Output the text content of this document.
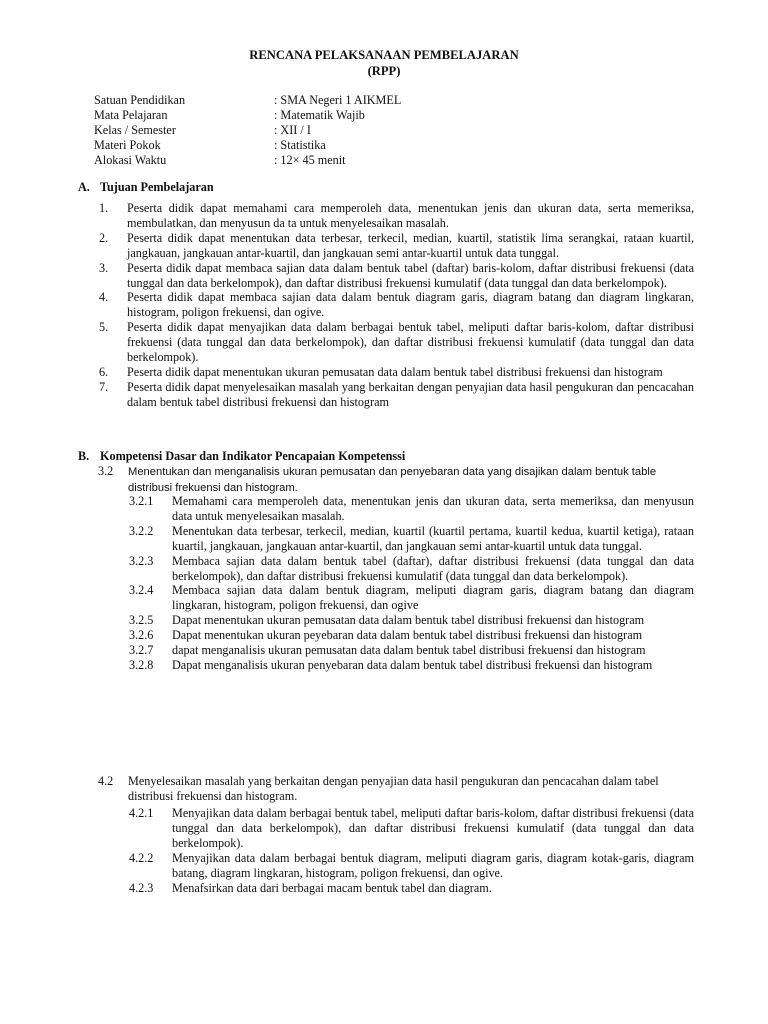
RENCANA PELAKSANAAN PEMBELAJARAN
(RPP)
Satuan Pendidikan	: SMA Negeri 1 AIKMEL
Mata Pelajaran	: Matematik Wajib
Kelas / Semester	: XII / I
Materi Pokok	: Statistika
Alokasi Waktu	: 12× 45 menit
A. Tujuan Pembelajaran
1. Peserta didik dapat memahami cara memperoleh data, menentukan jenis dan ukuran data, serta memeriksa, membulatkan, dan menyusun da ta untuk menyelesaikan masalah.
2. Peserta didik dapat menentukan data terbesar, terkecil, median, kuartil, statistik lima serangkai, rataan kuartil, jangkauan, jangkauan antar-kuartil, dan jangkauan semi antar-kuartil untuk data tunggal.
3. Peserta didik dapat membaca sajian data dalam bentuk tabel (daftar) baris-kolom, daftar distribusi frekuensi (data tunggal dan data berkelompok), dan daftar distribusi frekuensi kumulatif (data tunggal dan data berkelompok).
4. Peserta didik dapat membaca sajian data dalam bentuk diagram garis, diagram batang dan diagram lingkaran, histogram, poligon frekuensi, dan ogive.
5. Peserta didik dapat menyajikan data dalam berbagai bentuk tabel, meliputi daftar baris-kolom, daftar distribusi frekuensi (data tunggal dan data berkelompok), dan daftar distribusi frekuensi kumulatif (data tunggal dan data berkelompok).
6. Peserta didik dapat menentukan ukuran pemusatan data dalam bentuk tabel distribusi frekuensi dan histogram
7. Peserta didik dapat menyelesaikan masalah yang berkaitan dengan penyajian data hasil pengukuran dan pencacahan dalam bentuk tabel distribusi frekuensi dan histogram
B. Kompetensi Dasar dan Indikator Pencapaian Kompetenssi
3.2 Menentukan dan menganalisis ukuran pemusatan dan penyebaran data yang disajikan dalam bentuk table distribusi frekuensi dan histogram.
3.2.1 Memahami cara memperoleh data, menentukan jenis dan ukuran data, serta memeriksa, dan menyusun data untuk menyelesaikan masalah.
3.2.2 Menentukan data terbesar, terkecil, median, kuartil (kuartil pertama, kuartil kedua, kuartil ketiga), rataan kuartil, jangkauan, jangkauan antar-kuartil, dan jangkauan semi antar-kuartil untuk data tunggal.
3.2.3 Membaca sajian data dalam bentuk tabel (daftar), daftar distribusi frekuensi (data tunggal dan data berkelompok), dan daftar distribusi frekuensi kumulatif (data tunggal dan data berkelompok).
3.2.4 Membaca sajian data dalam bentuk diagram, meliputi diagram garis, diagram batang dan diagram lingkaran, histogram, poligon frekuensi, dan ogive
3.2.5 Dapat menentukan ukuran pemusatan data dalam bentuk tabel distribusi frekuensi dan histogram
3.2.6 Dapat menentukan ukuran peyebaran data dalam bentuk tabel distribusi frekuensi dan histogram
3.2.7 dapat menganalisis ukuran pemusatan data dalam bentuk tabel distribusi frekuensi dan histogram
3.2.8 Dapat menganalisis ukuran penyebaran data dalam bentuk tabel distribusi frekuensi dan histogram
4.2 Menyelesaikan masalah yang berkaitan dengan penyajian data hasil pengukuran dan pencacahan dalam tabel distribusi frekuensi dan histogram.
4.2.1 Menyajikan data dalam berbagai bentuk tabel, meliputi daftar baris-kolom, daftar distribusi frekuensi (data tunggal dan data berkelompok), dan daftar distribusi frekuensi kumulatif (data tunggal dan data berkelompok).
4.2.2 Menyajikan data dalam berbagai bentuk diagram, meliputi diagram garis, diagram kotak-garis, diagram batang, diagram lingkaran, histogram, poligon frekuensi, dan ogive.
4.2.3 Menafsirkan data dari berbagai macam bentuk tabel dan diagram.
